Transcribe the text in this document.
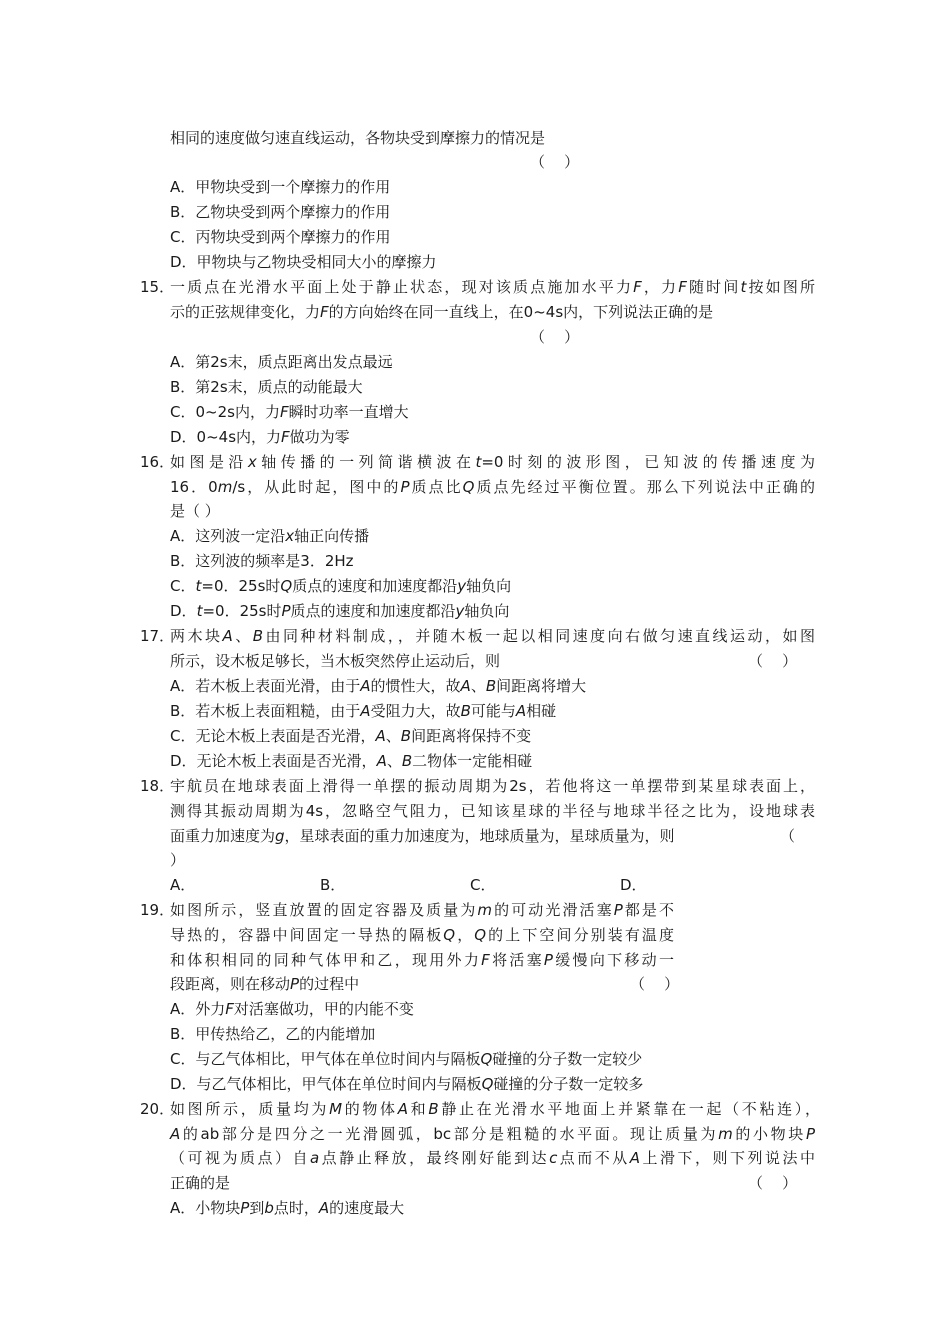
相同的速度做匀速直线运动，各物块受到摩擦力的情况是
（    ）
A．甲物块受到一个摩擦力的作用
B．乙物块受到两个摩擦力的作用
C．丙物块受到两个摩擦力的作用
D．甲物块与乙物块受相同大小的摩擦力
15．
一质点在光滑水平面上处于静止状态，现对该质点施加水平力F，力F随时间t按如图所
示的正弦规律变化，力F的方向始终在同一直线上，在0~4s内，下列说法正确的是
（    ）
A．第2s末，质点距离出发点最远
B．第2s末，质点的动能最大
C．0~2s内，力F瞬时功率一直增大
D．0~4s内，力F做功为零
16．
如图是沿x轴传播的一列简谐横波在t=0时刻的波形图，已知波的传播速度为
16．0m/s，从此时起，图中的P质点比Q质点先经过平衡位置。那么下列说法中正确的
是（ ）
B．这列波的频率是3．2Hz
A．这列波一定沿x轴正向传播
C．t=0．25s时Q质点的速度和加速度都沿y轴负向
D．t=0．25s时P质点的速度和加速度都沿y轴负向
17．
两木块A、B由同种材料制成，，并随木板一起以相同速度向右做匀速直线运动，如图
所示，设木板足够长，当木板突然停止运动后，则	（    ）
A．若木板上表面光滑，由于A的惯性大，故A、B间距离将增大
B．若木板上表面粗糙，由于A受阻力大，故B可能与A相碰
C．无论木板上表面是否光滑，A、B间距离将保持不变
D．无论木板上表面是否光滑，A、B二物体一定能相碰
18．
宇航员在地球表面上滑得一单摆的振动周期为2s，若他将这一单摆带到某星球表面上，
测得其振动周期为4s，忽略空气阻力，已知该星球的半径与地球半径之比为，设地球表
面重力加速度为g，星球表面的重力加速度为，地球质量为，星球质量为，则	（
）
A．	B．	C．	D．
19．
如图所示，竖直放置的固定容器及质量为m的可动光滑活塞P都是不
导热的，容器中间固定一导热的隔板Q，Q的上下空间分别装有温度
和体积相同的同种气体甲和乙，现用外力F将活塞P缓慢向下移动一
段距离，则在移动P的过程中	（    ）
A．外力F对活塞做功，甲的内能不变
B．甲传热给乙，乙的内能增加
C．与乙气体相比，甲气体在单位时间内与隔板Q碰撞的分子数一定较少
D．与乙气体相比，甲气体在单位时间内与隔板Q碰撞的分子数一定较多
20．
如图所示，质量均为M的物体A和B静止在光滑水平地面上并紧靠在一起（不粘连），
A的ab部分是四分之一光滑圆弧，bc部分是粗糙的水平面。现让质量为m的小物块P
（可视为质点）自a点静止释放，最终刚好能到达c点而不从A上滑下，则下列说法中
正确的是	（    ）
A．小物块P到b点时，A的速度最大
